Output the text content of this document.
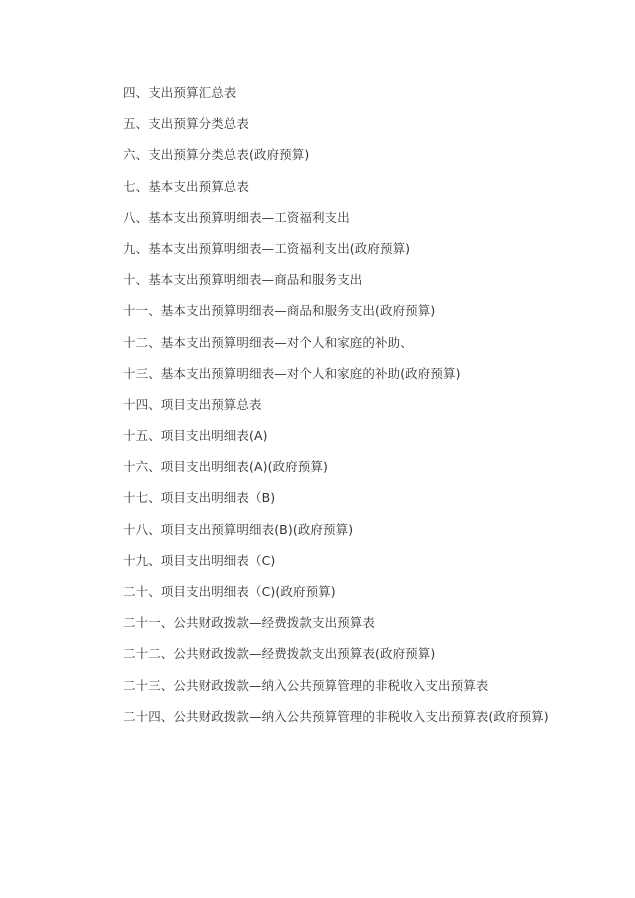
四、支出预算汇总表
五、支出预算分类总表
六、支出预算分类总表(政府预算)
七、基本支出预算总表
八、基本支出预算明细表—工资福利支出
九、基本支出预算明细表—工资福利支出(政府预算)
十、基本支出预算明细表—商品和服务支出
十一、基本支出预算明细表—商品和服务支出(政府预算)
十二、基本支出预算明细表—对个人和家庭的补助、
十三、基本支出预算明细表—对个人和家庭的补助(政府预算)
十四、项目支出预算总表
十五、项目支出明细表(A)
十六、项目支出明细表(A)(政府预算)
十七、项目支出明细表（B)
十八、项目支出预算明细表(B)(政府预算)
十九、项目支出明细表（C)
二十、项目支出明细表（C)(政府预算)
二十一、公共财政拨款—经费拨款支出预算表
二十二、公共财政拨款—经费拨款支出预算表(政府预算)
二十三、公共财政拨款—纳入公共预算管理的非税收入支出预算表
二十四、公共财政拨款—纳入公共预算管理的非税收入支出预算表(政府预算)
